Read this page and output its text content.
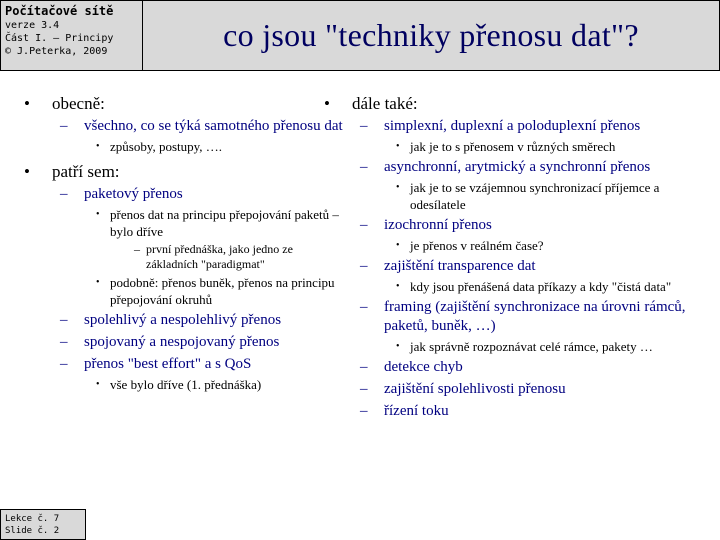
Počítačové sítě
verze 3.4
Část I. – Principy
© J.Peterka, 2009	co jsou "techniky přenosu dat"?
•	obecně:
–	všechno, co se týká samotného přenosu dat
• způsoby, postupy, ….
•	patří sem:
–	paketový přenos
• přenos dat na principu přepojování paketů – bylo dříve
– první přednáška, jako jedno ze základních "paradigmat"
• podobně: přenos buněk, přenos na principu přepojování okruhů
–	spolehlivý a nespolehlivý přenos
–	spojovaný a nespojovaný přenos
–	přenos "best effort" a s QoS
• vše bylo dříve (1. přednáška)
•	dále také:
–	simplexní, duplexní a poloduplexní přenos
• jak je to s přenosem v různých směrech
–	asynchronní, arytmický a synchronní přenos
• jak je to se vzájemnou synchronizací příjemce a odesílatele
–	izochronní přenos
• je přenos v reálném čase?
–	zajištění transparence dat
• kdy jsou přenášená data příkazy a kdy "čistá data"
–	framing (zajištění synchronizace na úrovni rámců, paketů, buněk, …)
• jak správně rozpoznávat celé rámce, pakety …
–	detekce chyb
–	zajištění spolehlivosti přenosu
–	řízení toku
Lekce č. 7
Slide č. 2
